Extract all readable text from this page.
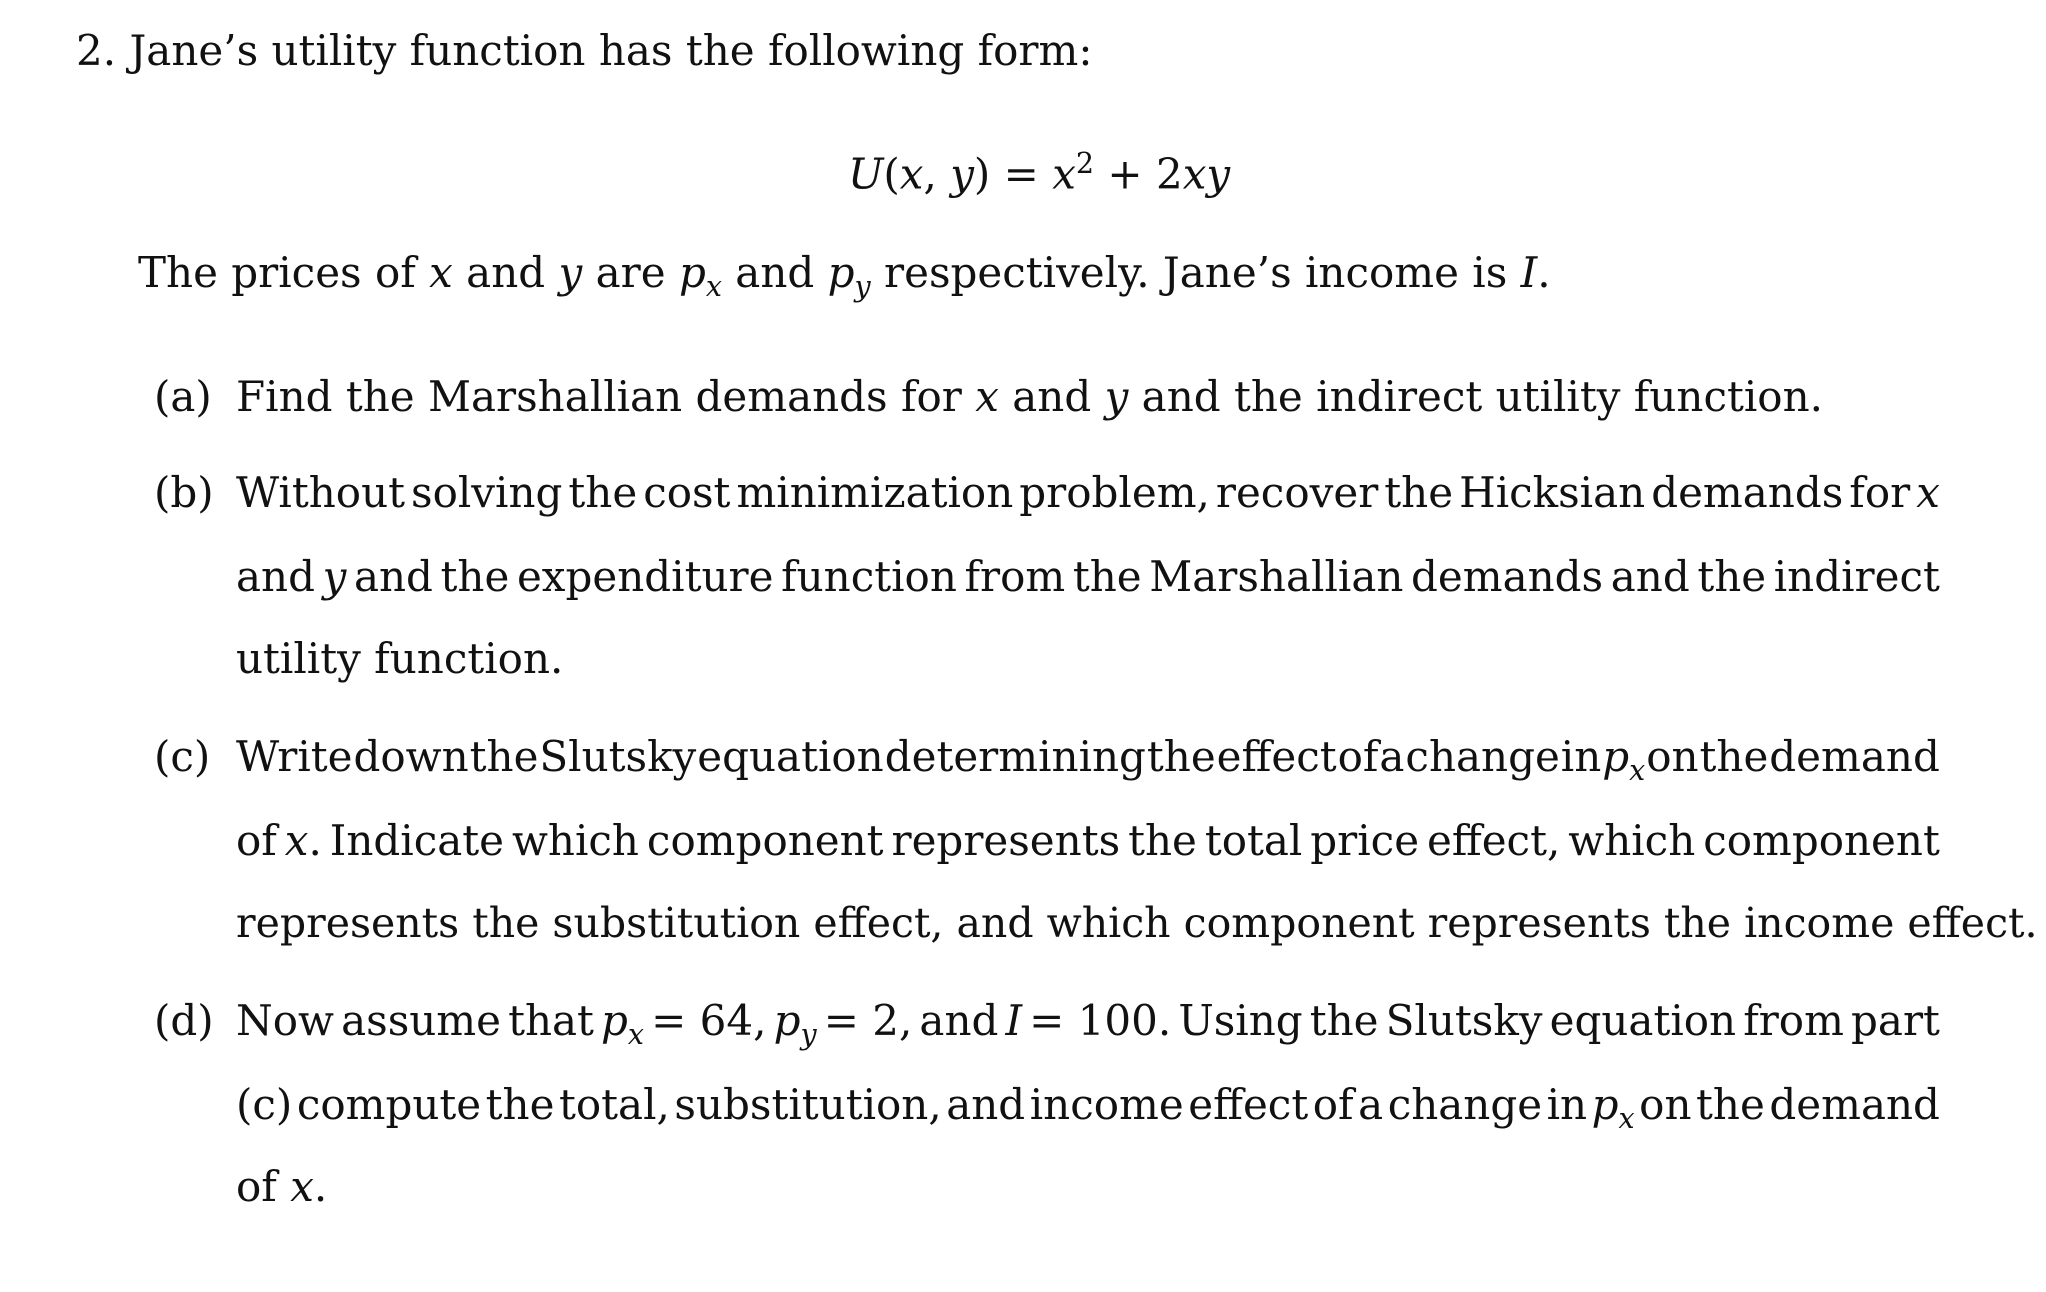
2. Jane’s utility function has the following form:
U(x, $y) = x^2 + 2xy$
The prices of x and y are $p_x$ and $p_y$ respectively. Jane’s income is I.
(a) Find the Marshallian demands for x and y and the indirect utility function.
(b) Without solving the cost minimization problem, recover the Hicksian demands for x
and y and the expenditure function from the Marshallian demands and the indirect
utility function.
(c) Write down the Slutsky equation determining the effect of a change in $p_x$ on the demand
of x. Indicate which component represents the total price effect, which component
represents the substitution effect, and which component represents the income effect.
(d) Now assume that $p_x = 64$, $p_y = 2$, and I = 100. Using the Slutsky equation from part
(c) compute the total, substitution, and income effect of a change in $p_x$ on the demand
of x.
